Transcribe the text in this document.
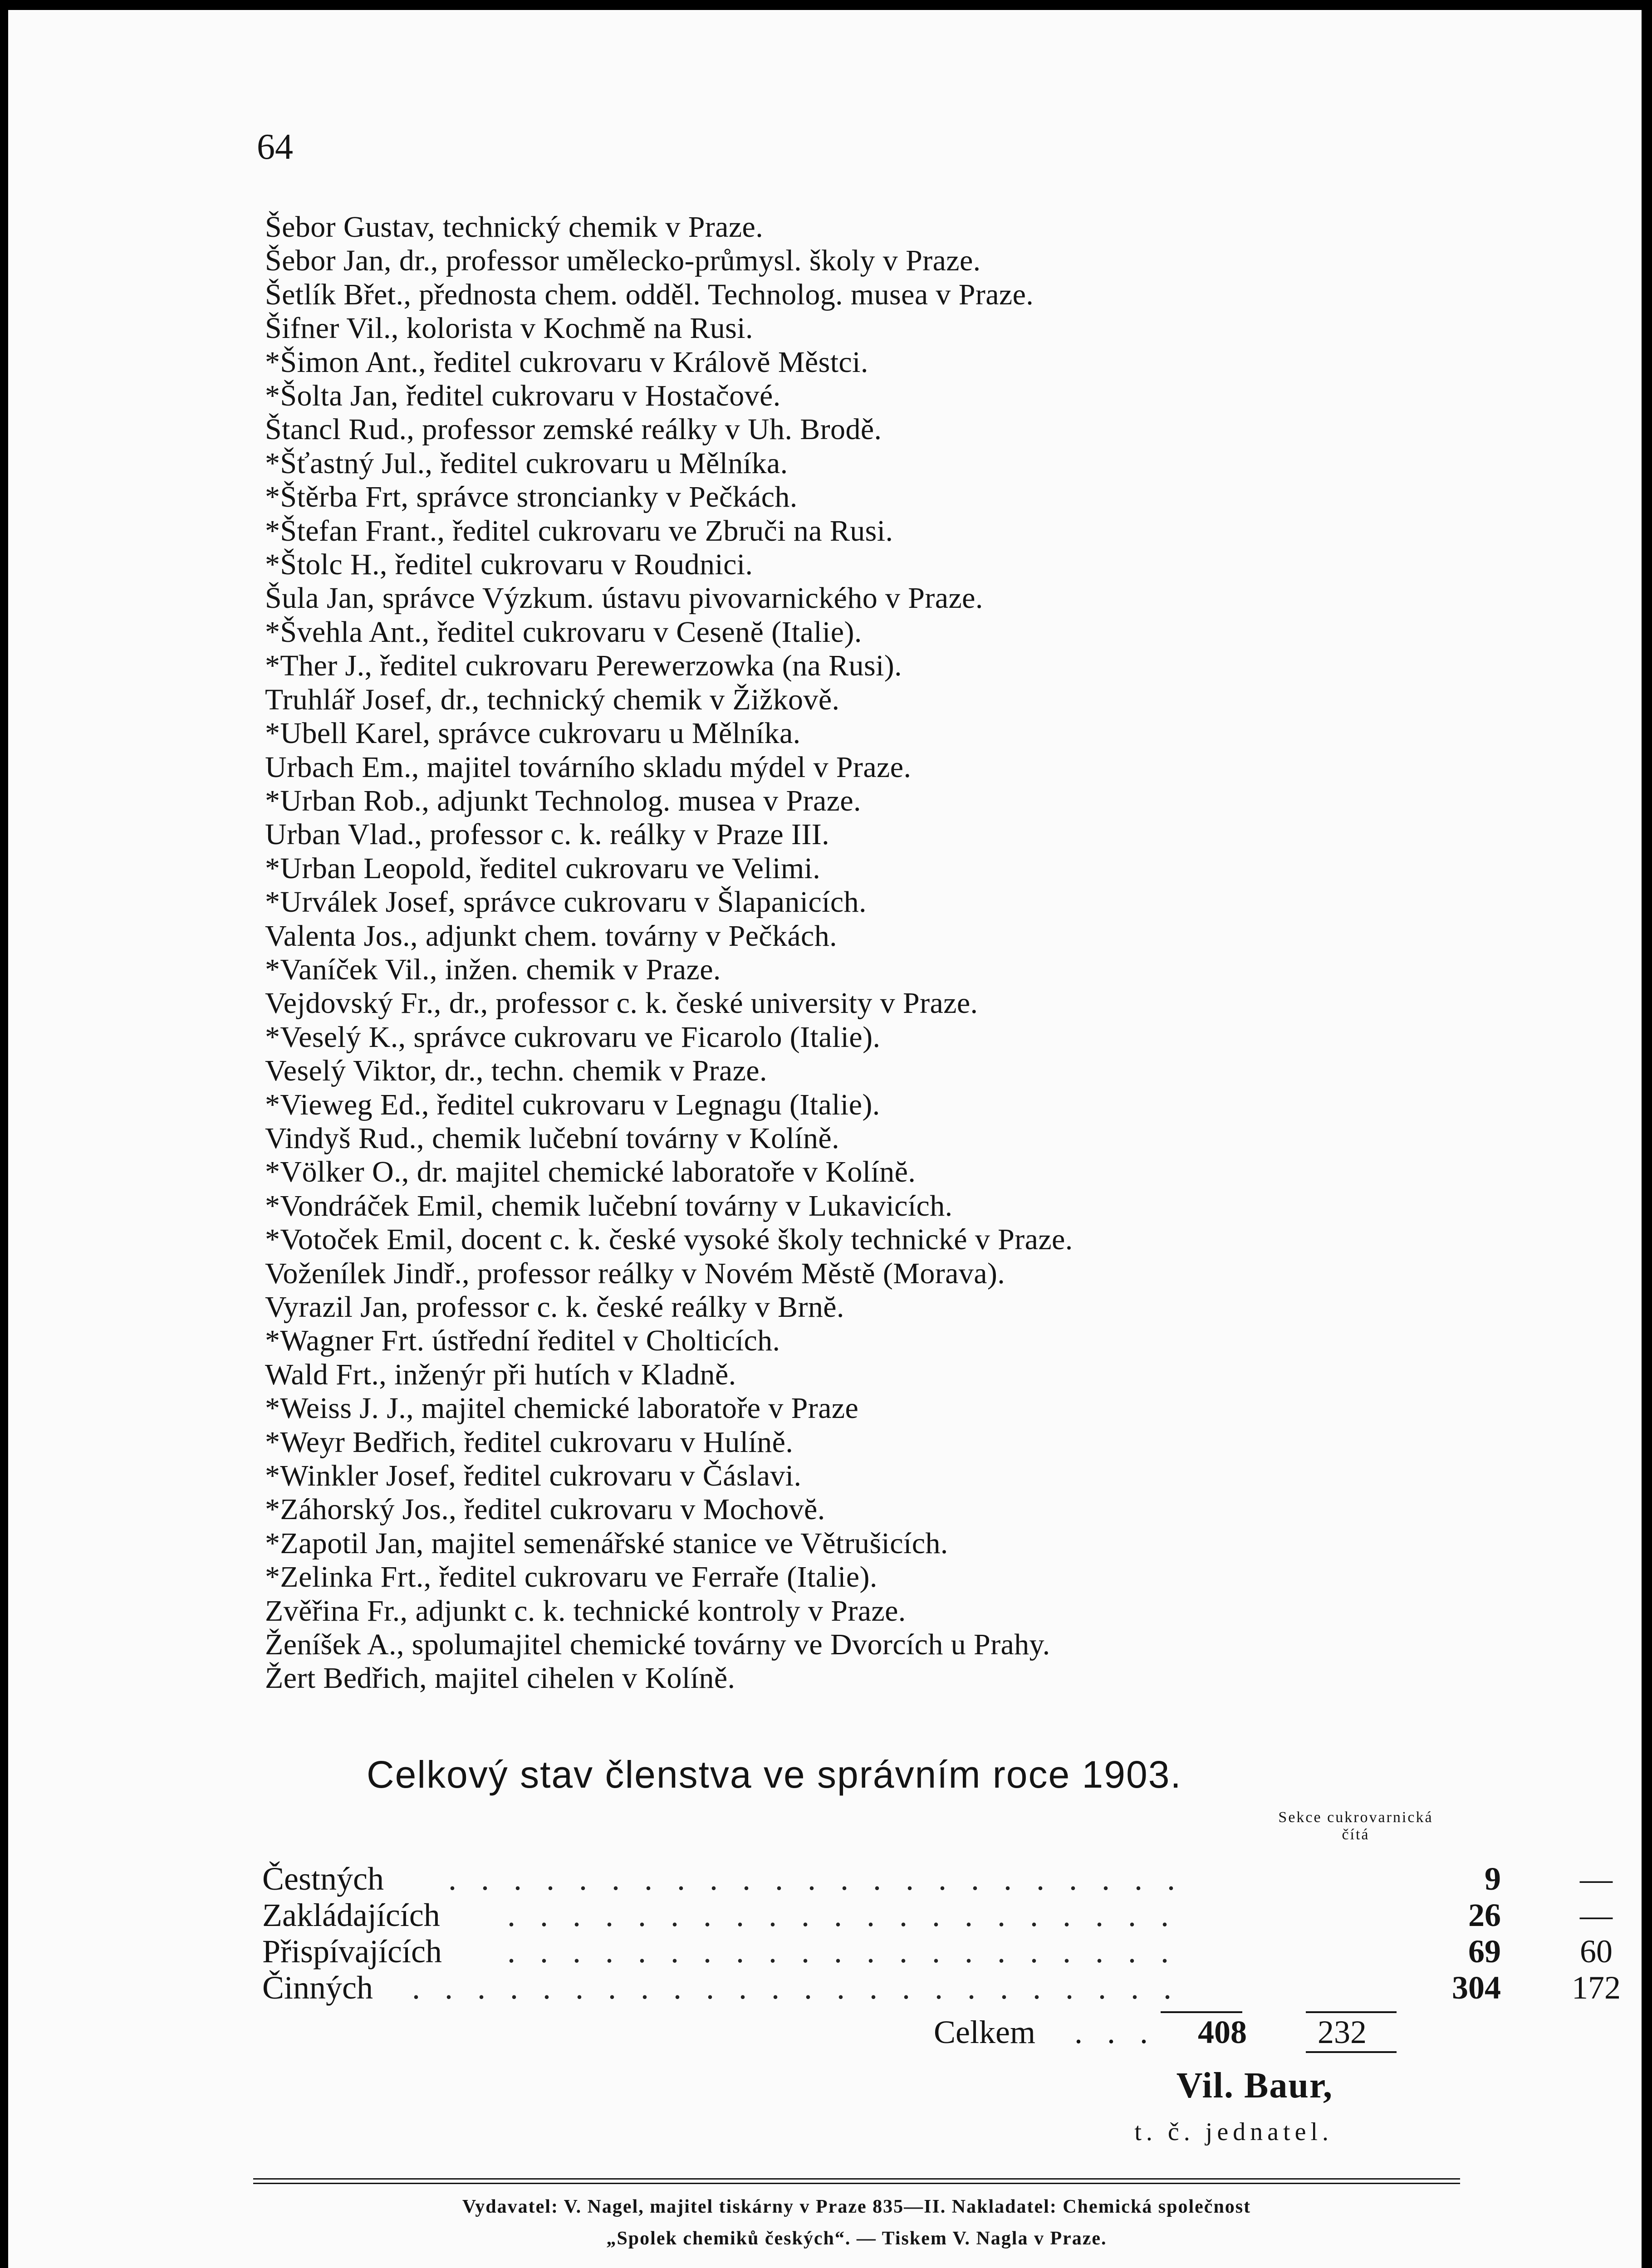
64
Šebor Gustav, technický chemik v Praze.
Šebor Jan, dr., professor umělecko-průmysl. školy v Praze.
Šetlík Břet., přednosta chem. odděl. Technolog. musea v Praze.
Šifner Vil., kolorista v Kochmě na Rusi.
*Šimon Ant., ředitel cukrovaru v Královĕ Městci.
*Šolta Jan, ředitel cukrovaru v Hostačové.
Štancl Rud., professor zemské reálky v Uh. Brodě.
*Šťastný Jul., ředitel cukrovaru u Mělníka.
*Štěrba Frt, správce stroncianky v Pečkách.
*Štefan Frant., ředitel cukrovaru ve Zbruči na Rusi.
*Štolc H., ředitel cukrovaru v Roudnici.
Šula Jan, správce Výzkum. ústavu pivovarnického v Praze.
*Švehla Ant., ředitel cukrovaru v Cesenĕ (Italie).
*Ther J., ředitel cukrovaru Perewerzowka (na Rusi).
Truhlář Josef, dr., technický chemik v Žižkově.
*Ubell Karel, správce cukrovaru u Mělníka.
Urbach Em., majitel továrního skladu mýdel v Praze.
*Urban Rob., adjunkt Technolog. musea v Praze.
Urban Vlad., professor c. k. reálky v Praze III.
*Urban Leopold, ředitel cukrovaru ve Velimi.
*Urválek Josef, správce cukrovaru v Šlapanicích.
Valenta Jos., adjunkt chem. továrny v Pečkách.
*Vaníček Vil., inžen. chemik v Praze.
Vejdovský Fr., dr., professor c. k. české university v Praze.
*Veselý K., správce cukrovaru ve Ficarolo (Italie).
Veselý Viktor, dr., techn. chemik v Praze.
*Vieweg Ed., ředitel cukrovaru v Legnagu (Italie).
Vindyš Rud., chemik lučební továrny v Kolíně.
*Völker O., dr. majitel chemické laboratoře v Kolínĕ.
*Vondráček Emil, chemik lučební továrny v Lukavicích.
*Votoček Emil, docent c. k. české vysoké školy technické v Praze.
Voženílek Jindř., professor reálky v Novém Městě (Morava).
Vyrazil Jan, professor c. k. české reálky v Brnĕ.
*Wagner Frt. ústřední ředitel v Cholticích.
Wald Frt., inženýr při hutích v Kladně.
*Weiss J. J., majitel chemické laboratoře v Praze
*Weyr Bedřich, ředitel cukrovaru v Hulíně.
*Winkler Josef, ředitel cukrovaru v Čáslavi.
*Záhorský Jos., ředitel cukrovaru v Mochovĕ.
*Zapotil Jan, majitel semenářské stanice ve Větrušicích.
*Zelinka Frt., ředitel cukrovaru ve Ferraře (Italie).
Zvěřina Fr., adjunkt c. k. technické kontroly v Praze.
Ženíšek A., spolumajitel chemické továrny ve Dvorcích u Prahy.
Žert Bedřich, majitel cihelen v Kolíně.
Celkový stav členstva ve správním roce 1903.
Sekce cukrovarnická čítá
. . . . . . . . . . . . . . . . . . . . . . .
Čestných	9	—
. . . . . . . . . . . . . . . . . . . . .
Zakládajících	26	—
. . . . . . . . . . . . . . . . . . . . .
Přispívajících	69	60
. . . . . . . . . . . . . . . . . . . . . . . .
Činných	304	172
Celkem . . .	408	232
Vil. Baur,
t. č. jednatel.
Vydavatel: V. Nagel, majitel tiskárny v Praze 835—II. Nakladatel: Chemická společnost
„Spolek chemiků českých“. — Tiskem V. Nagla v Praze.
